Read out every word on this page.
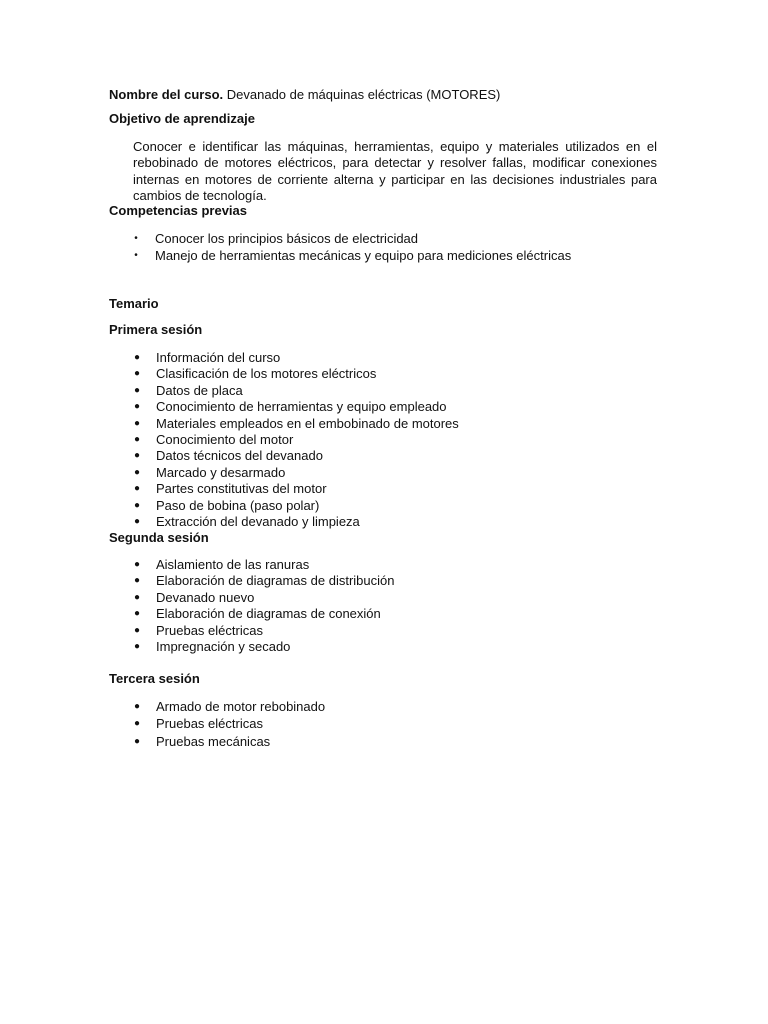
Nombre del curso. Devanado de máquinas eléctricas (MOTORES)
Objetivo de aprendizaje
Conocer e identificar las máquinas, herramientas, equipo y materiales utilizados en el rebobinado de motores eléctricos, para detectar y resolver fallas, modificar conexiones internas en motores de corriente alterna y participar en las decisiones industriales para cambios de tecnología.
Competencias previas
• Conocer los principios básicos de electricidad
• Manejo de herramientas mecánicas y equipo para mediciones eléctricas
Temario
Primera sesión
● Información del curso
● Clasificación de los motores eléctricos
● Datos de placa
● Conocimiento de herramientas y equipo empleado
● Materiales empleados en el embobinado de motores
● Conocimiento del motor
● Datos técnicos del devanado
● Marcado y desarmado
● Partes constitutivas del motor
● Paso de bobina (paso polar)
● Extracción del devanado y limpieza
Segunda sesión
● Aislamiento de las ranuras
● Elaboración de diagramas de distribución
● Devanado nuevo
● Elaboración de diagramas de conexión
● Pruebas eléctricas
● Impregnación y secado
Tercera sesión
● Armado de motor rebobinado
● Pruebas eléctricas
● Pruebas mecánicas
